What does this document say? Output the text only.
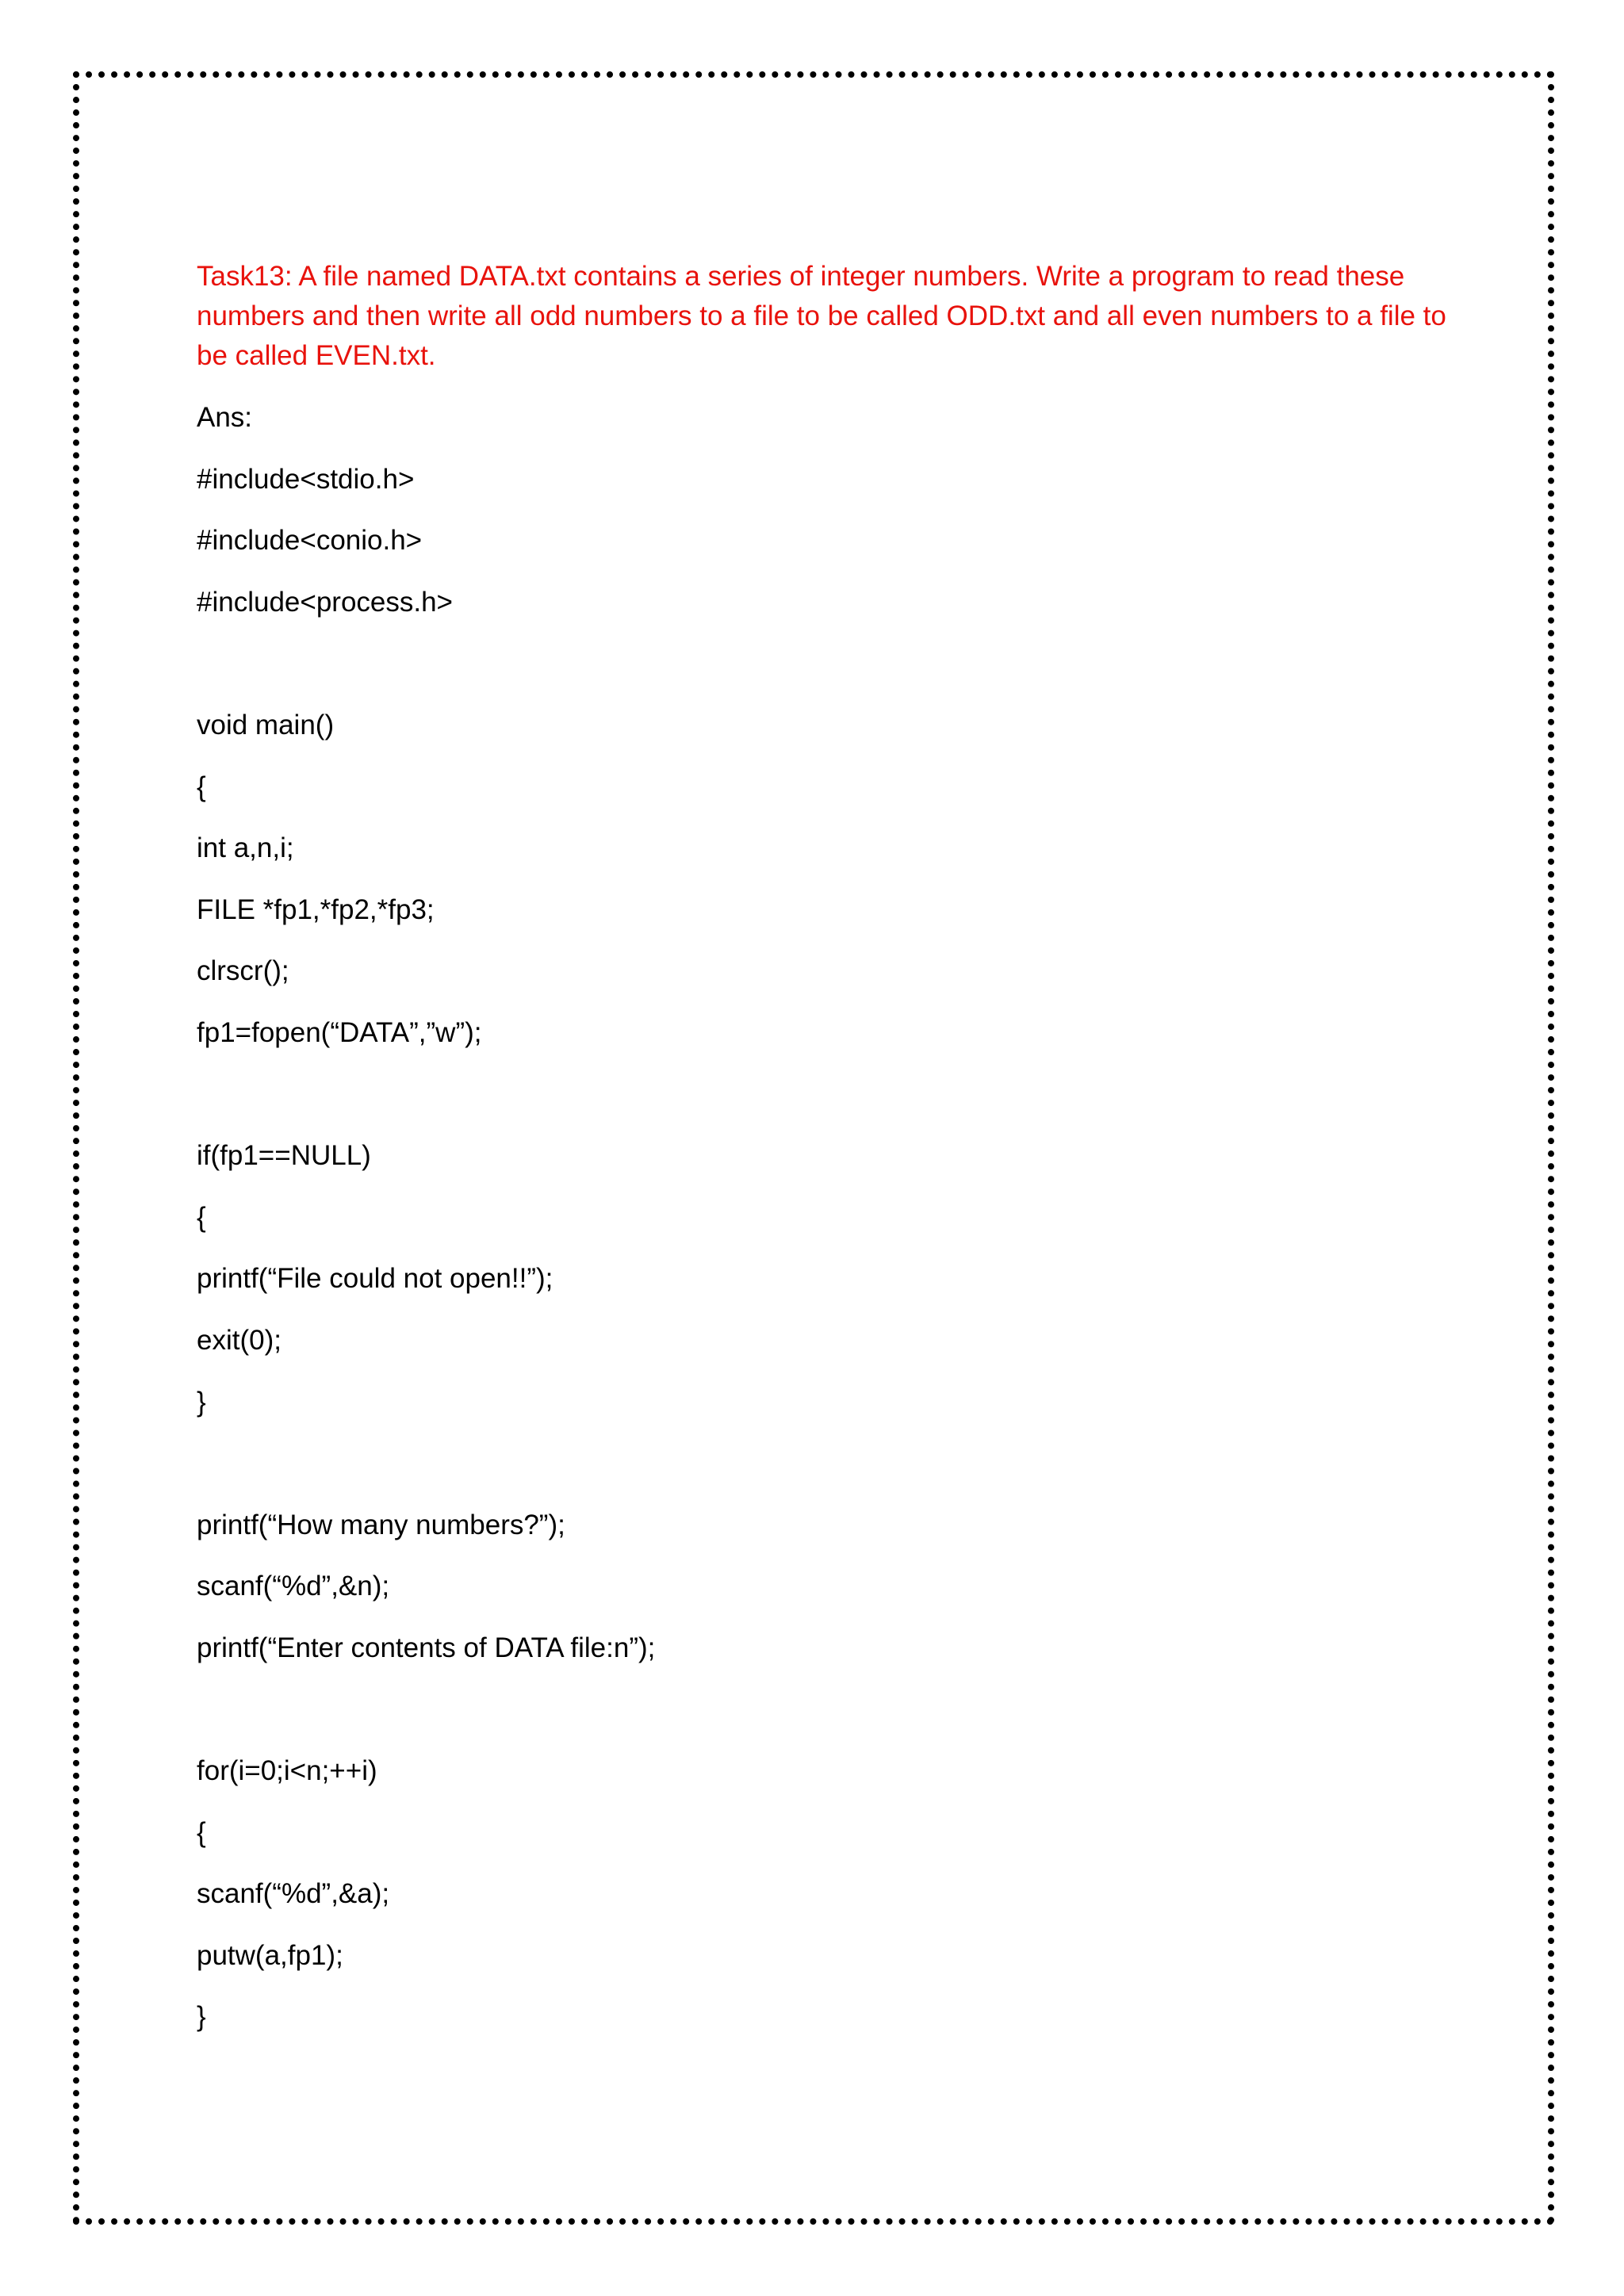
Task13: A file named DATA.txt contains a series of integer numbers. Write a program to read these numbers and then write all odd numbers to a file to be called ODD.txt and all even numbers to a file to be called EVEN.txt.

Ans:

#include<stdio.h>
#include<conio.h>
#include<process.h>
void main()
{
int a,n,i;
FILE *fp1,*fp2,*fp3;
clrscr();
fp1=fopen(“DATA”,”w”);
if(fp1==NULL)
{
printf(“File could not open!!”);
exit(0);
}
printf(“How many numbers?”);
scanf(“%d”,&n);
printf(“Enter contents of DATA file:n”);
for(i=0;i<n;++i)
{
scanf(“%d”,&a);
putw(a,fp1);
}
